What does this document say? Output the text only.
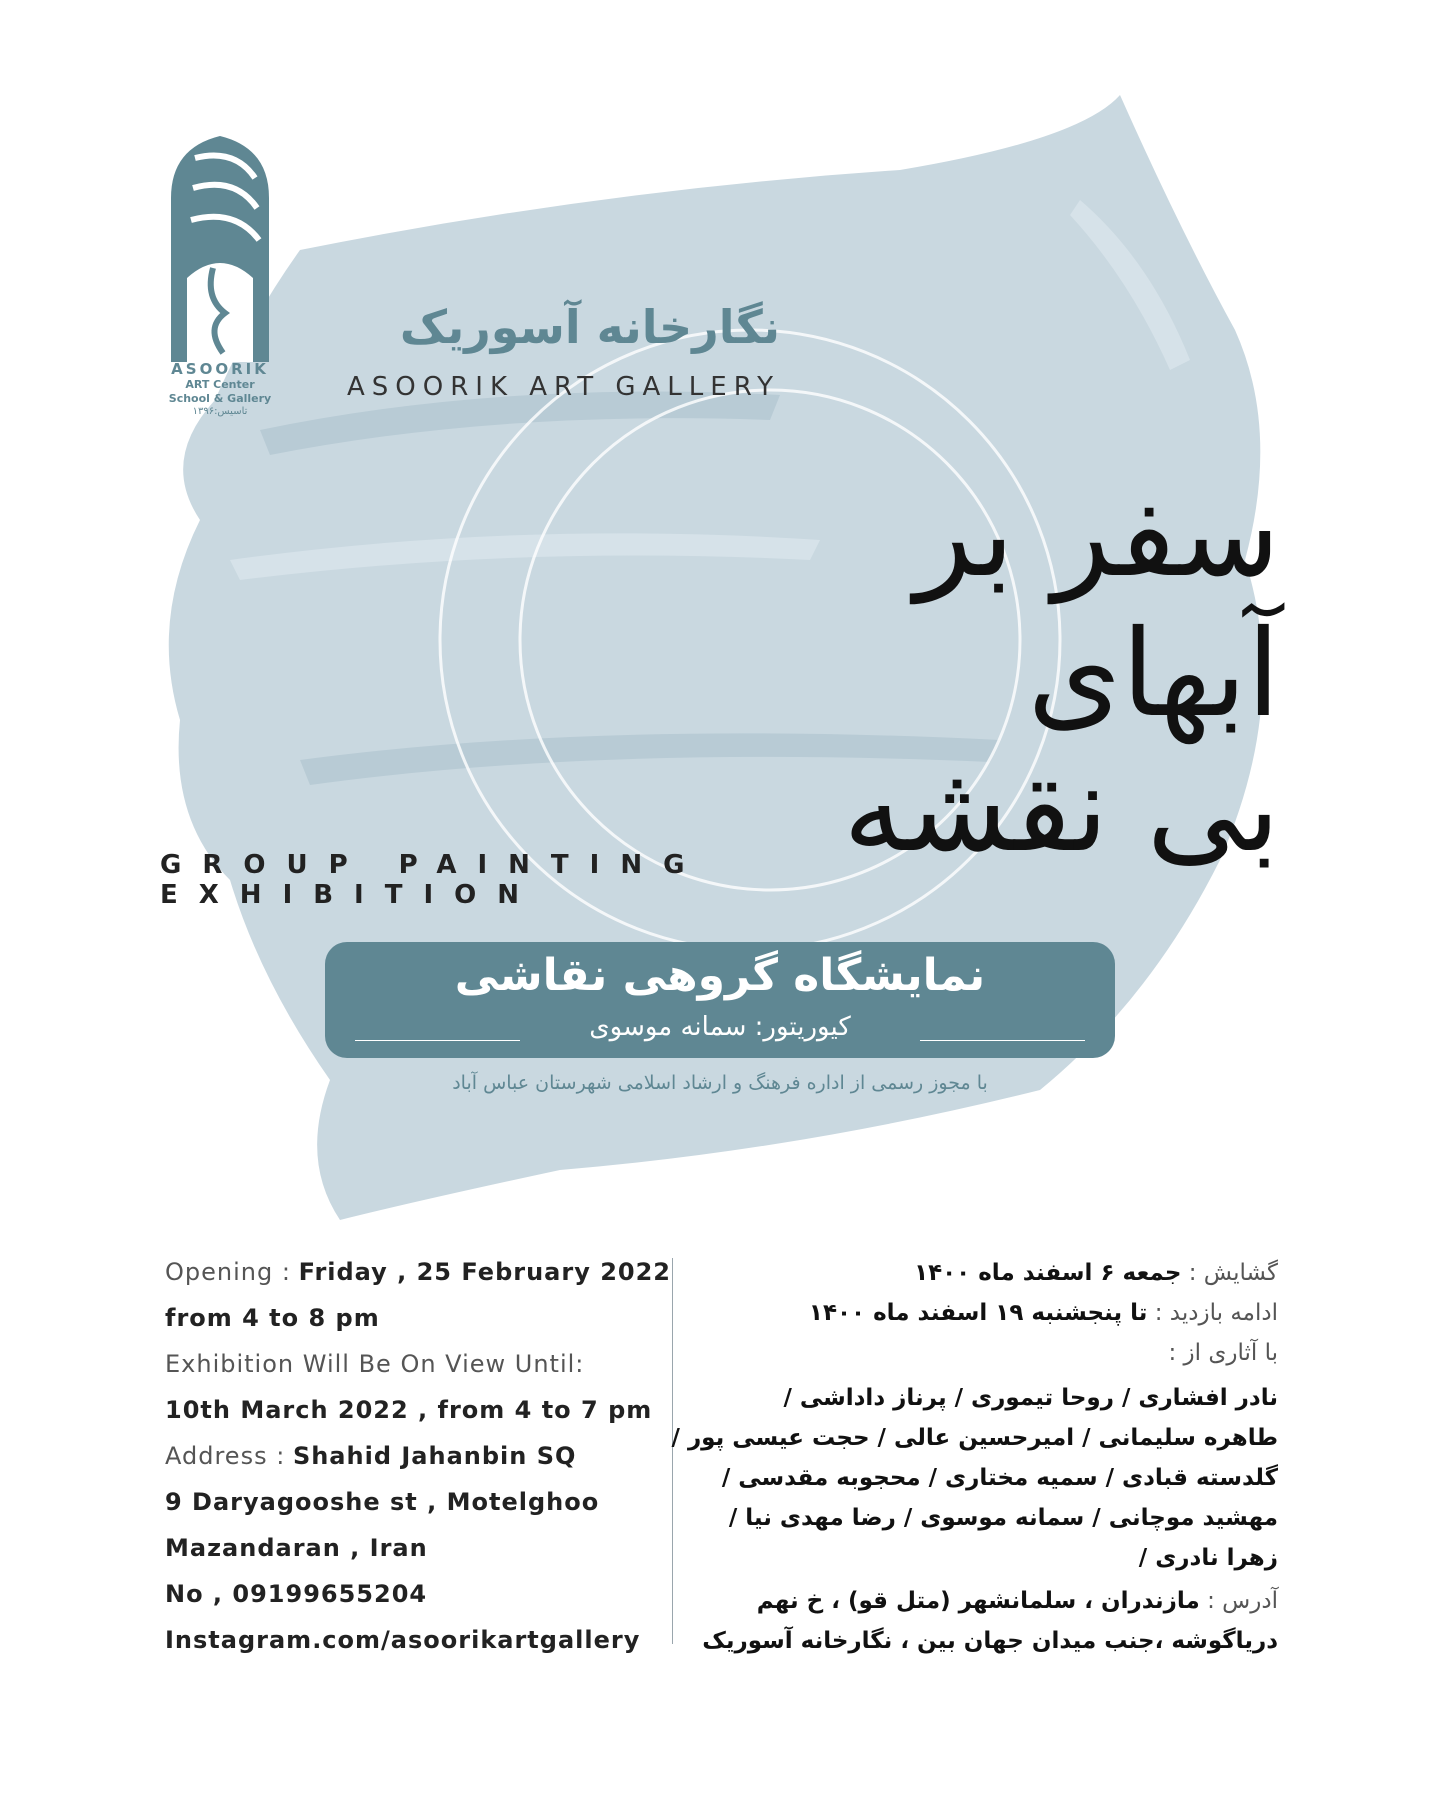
ASOORIK
ART Center
School & Gallery
تاسیس:۱۳۹۶
نگارخانه آسوریک
ASOORIK ART GALLERY
سفر بر
آبهای
بی نقشه
GROUP PAINTING EXHIBITION
نمایشگاه گروهی نقاشی
کیوریتور: سمانه موسوی
با مجوز رسمی از اداره فرهنگ و ارشاد اسلامی شهرستان عباس آباد
Opening : Friday , 25 February 2022
from 4 to 8 pm
Exhibition Will Be On View Until:
10th March 2022 , from 4 to 7 pm
Address : Shahid Jahanbin SQ
9 Daryagooshe st , Motelghoo
Mazandaran , Iran
No , 09199655204
Instagram.com/asoorikartgallery
گشایش : جمعه ۶ اسفند ماه ۱۴۰۰
ادامه بازدید : تا پنجشنبه ۱۹ اسفند ماه ۱۴۰۰
با آثاری از :
نادر افشاری / روحا تیموری / پرناز داداشی /
طاهره سلیمانی / امیرحسین عالی / حجت عیسی پور /
گلدسته قبادی / سمیه مختاری / محجوبه مقدسی /
مهشید موچانی / سمانه موسوی / رضا مهدی نیا /
زهرا نادری /
آدرس : مازندران ، سلمانشهر (متل قو) ، خ نهم
دریاگوشه ،جنب میدان جهان بین ، نگارخانه آسوریک
